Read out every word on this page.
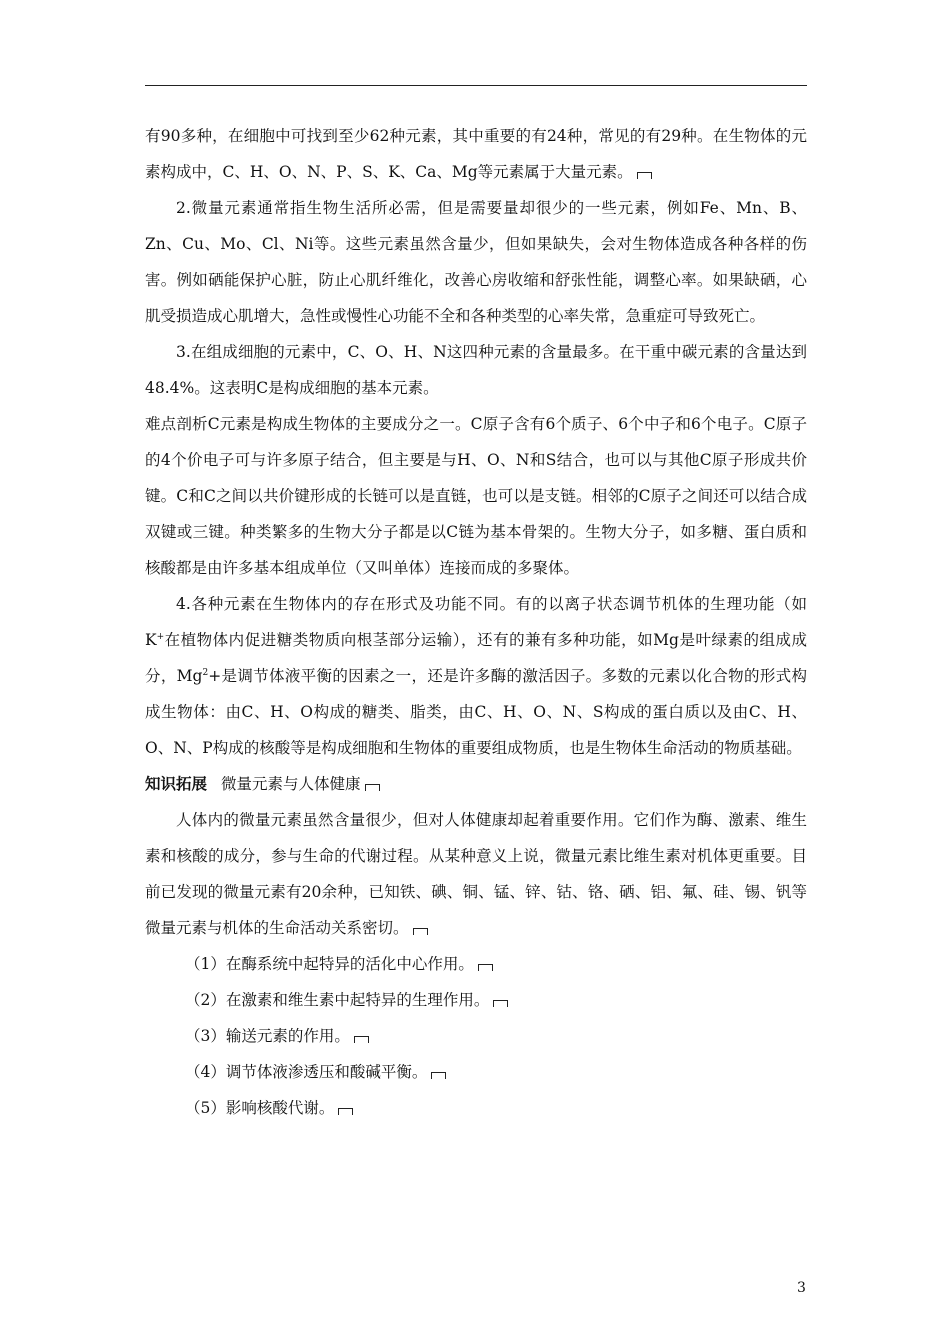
有90多种，在细胞中可找到至少62种元素，其中重要的有24种，常见的有29种。在生物体的元素构成中，C、H、O、N、P、S、K、Ca、Mg等元素属于大量元素。

2.微量元素通常指生物生活所必需，但是需要量却很少的一些元素，例如Fe、Mn、B、Zn、Cu、Mo、Cl、Ni等。这些元素虽然含量少，但如果缺失，会对生物体造成各种各样的伤害。例如硒能保护心脏，防止心肌纤维化，改善心房收缩和舒张性能，调整心率。如果缺硒，心肌受损造成心肌增大，急性或慢性心功能不全和各种类型的心率失常，急重症可导致死亡。

3.在组成细胞的元素中，C、O、H、N这四种元素的含量最多。在干重中碳元素的含量达到48.4%。这表明C是构成细胞的基本元素。

难点剖析C元素是构成生物体的主要成分之一。C原子含有6个质子、6个中子和6个电子。C原子的4个价电子可与许多原子结合，但主要是与H、O、N和S结合，也可以与其他C原子形成共价键。C和C之间以共价键形成的长链可以是直链，也可以是支链。相邻的C原子之间还可以结合成双键或三键。种类繁多的生物大分子都是以C链为基本骨架的。生物大分子，如多糖、蛋白质和核酸都是由许多基本组成单位（又叫单体）连接而成的多聚体。

4.各种元素在生物体内的存在形式及功能不同。有的以离子状态调节机体的生理功能（如K+在植物体内促进糖类物质向根茎部分运输），还有的兼有多种功能，如Mg是叶绿素的组成成分，$Mg^2+$是调节体液平衡的因素之一，还是许多酶的激活因子。多数的元素以化合物的形式构成生物体：由C、H、O构成的糖类、脂类，由C、H、O、N、S构成的蛋白质以及由C、H、O、N、P构成的核酸等是构成细胞和生物体的重要组成物质，也是生物体生命活动的物质基础。

知识拓展 微量元素与人体健康

人体内的微量元素虽然含量很少，但对人体健康却起着重要作用。它们作为酶、激素、维生素和核酸的成分，参与生命的代谢过程。从某种意义上说，微量元素比维生素对机体更重要。目前已发现的微量元素有20余种，已知铁、碘、铜、锰、锌、钴、铬、硒、铝、氟、硅、锡、钒等微量元素与机体的生命活动关系密切。

（1）在酶系统中起特异的活化中心作用。

（2）在激素和维生素中起特异的生理作用。

（3）输送元素的作用。

（4）调节体液渗透压和酸碱平衡。

（5）影响核酸代谢。

3
